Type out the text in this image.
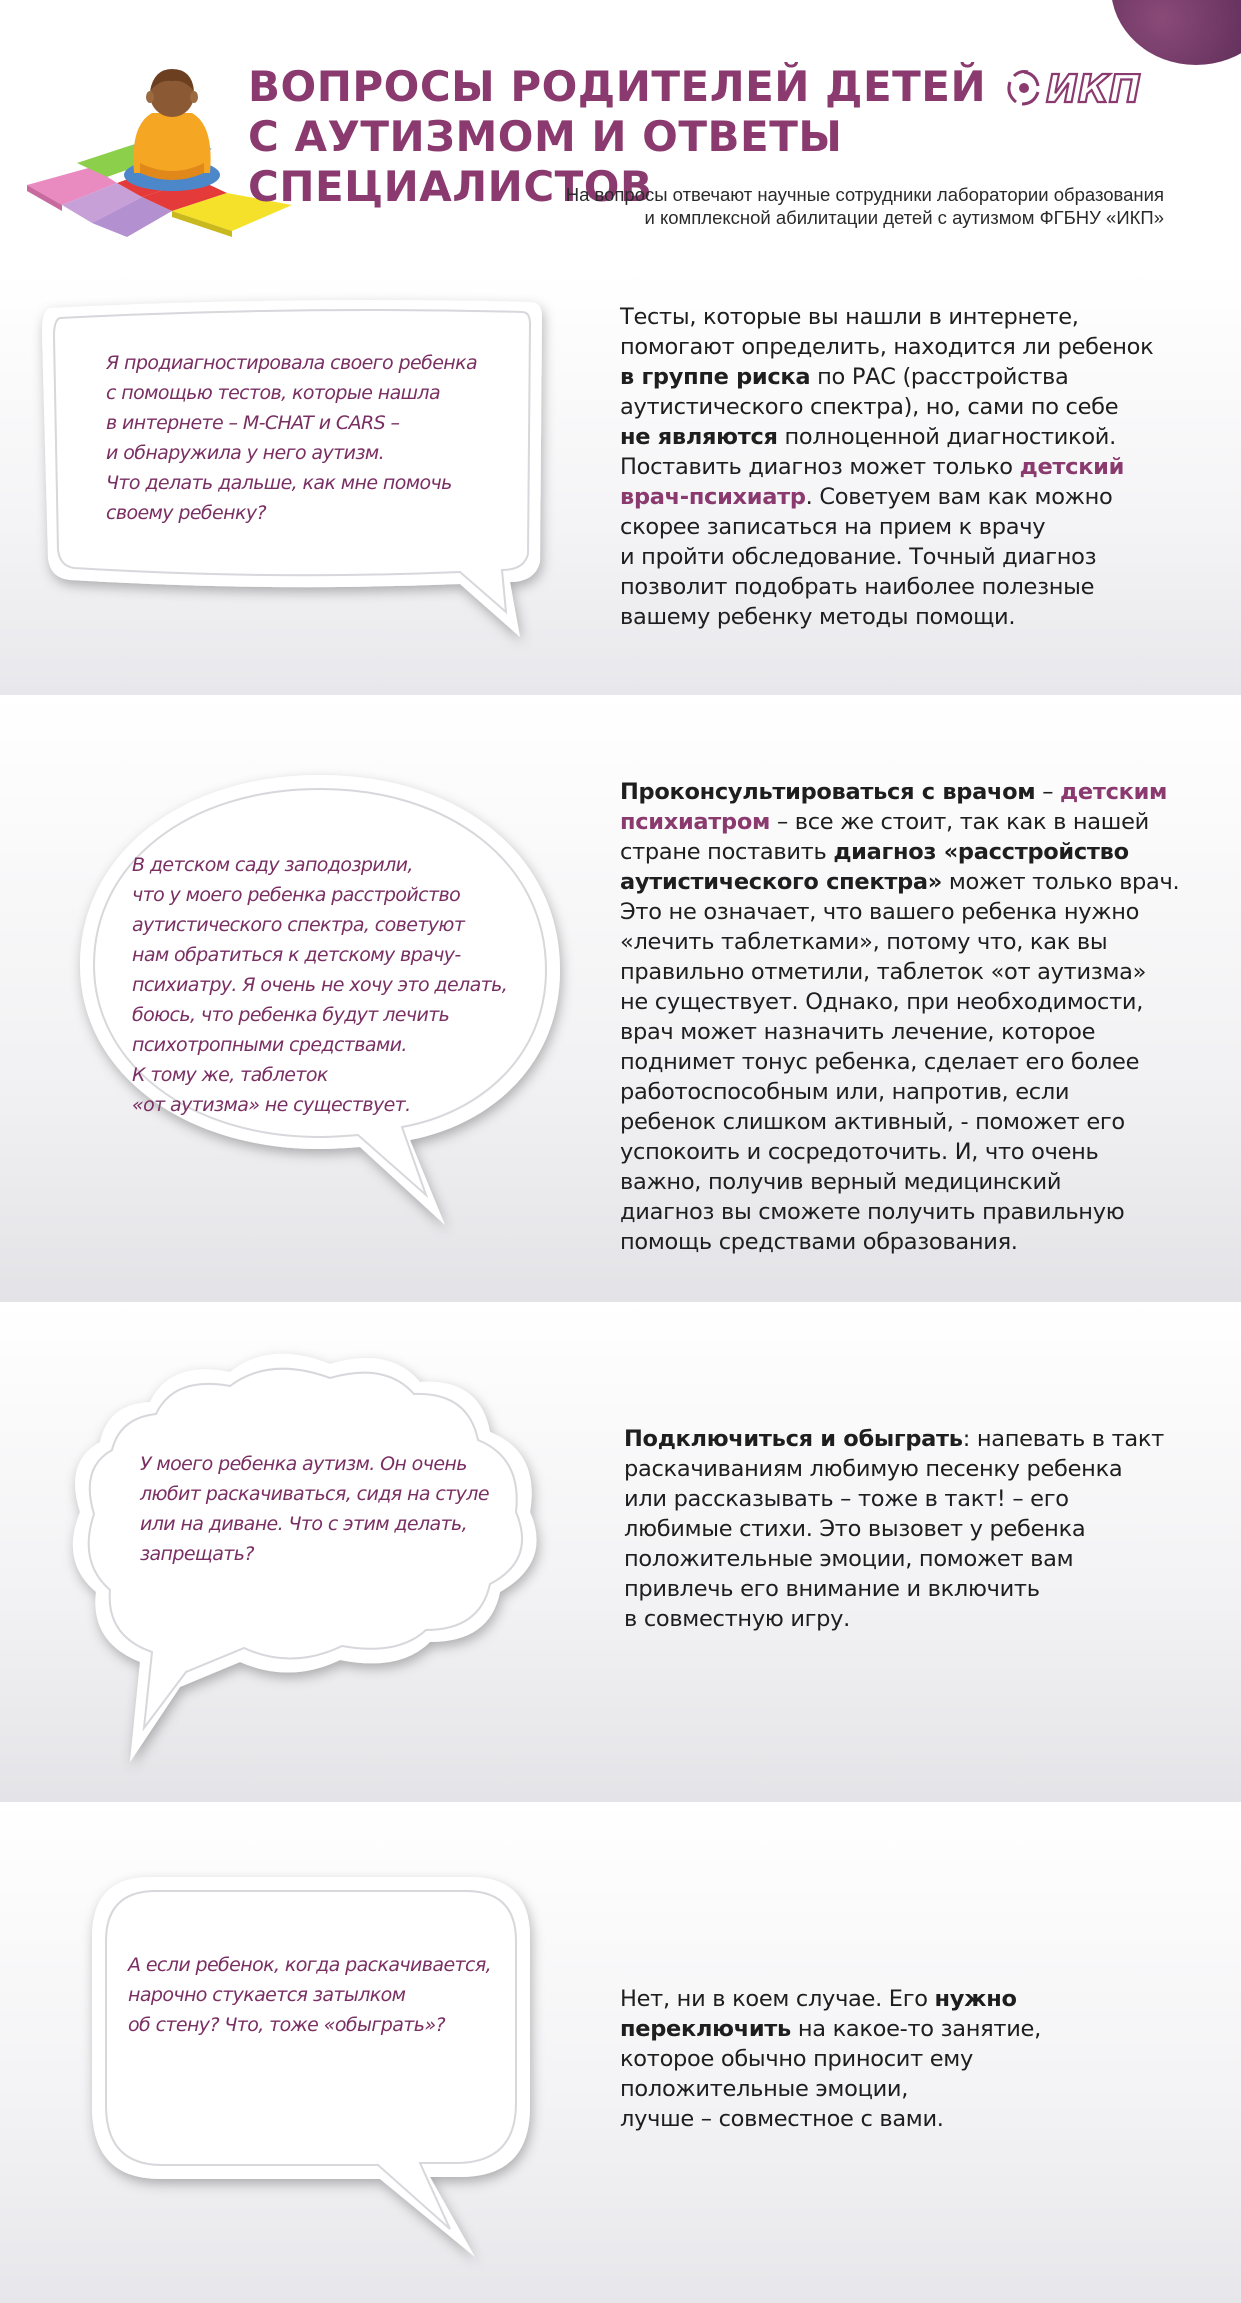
ВОПРОСЫ РОДИТЕЛЕЙ ДЕТЕЙ
С АУТИЗМОМ И ОТВЕТЫ СПЕЦИАЛИСТОВ
ИКП
На вопросы отвечают научные сотрудники лаборатории образования
и комплексной абилитации детей с аутизмом ФГБНУ «ИКП»
Я продиагностировала своего ребенка
с помощью тестов, которые нашла
в интернете – M-CHAT и CARS –
и обнаружила у него аутизм.
Что делать дальше, как мне помочь
своему ребенку?
Тесты, которые вы нашли в интернете,
помогают определить, находится ли ребенок
в группе риска по РАС (расстройства
аутистического спектра), но, сами по себе
не являются полноценной диагностикой.
Поставить диагноз может только детский
врач-психиатр. Советуем вам как можно
скорее записаться на прием к врачу
и пройти обследование. Точный диагноз
позволит подобрать наиболее полезные
вашему ребенку методы помощи.
В детском саду заподозрили,
что у моего ребенка расстройство
аутистического спектра, советуют
нам обратиться к детскому врачу-
психиатру. Я очень не хочу это делать,
боюсь, что ребенка будут лечить
психотропными средствами.
К тому же, таблеток
«от аутизма» не существует.
Проконсультироваться с врачом – детским
психиатром – все же стоит, так как в нашей
стране поставить диагноз «расстройство
аутистического спектра» может только врач.
Это не означает, что вашего ребенка нужно
«лечить таблетками», потому что, как вы
правильно отметили, таблеток «от аутизма»
не существует. Однако, при необходимости,
врач может назначить лечение, которое
поднимет тонус ребенка, сделает его более
работоспособным или, напротив, если
ребенок слишком активный, - поможет его
успокоить и сосредоточить. И, что очень
важно, получив верный медицинский
диагноз вы сможете получить правильную
помощь средствами образования.
У моего ребенка аутизм. Он очень
любит раскачиваться, сидя на стуле
или на диване. Что с этим делать,
запрещать?
Подключиться и обыграть: напевать в такт
раскачиваниям любимую песенку ребенка
или рассказывать – тоже в такт! – его
любимые стихи. Это вызовет у ребенка
положительные эмоции, поможет вам
привлечь его внимание и включить
в совместную игру.
А если ребенок, когда раскачивается,
нарочно стукается затылком
об стену? Что, тоже «обыграть»?
Нет, ни в коем случае. Его нужно
переключить на какое-то занятие,
которое обычно приносит ему
положительные эмоции,
лучше – совместное с вами.
